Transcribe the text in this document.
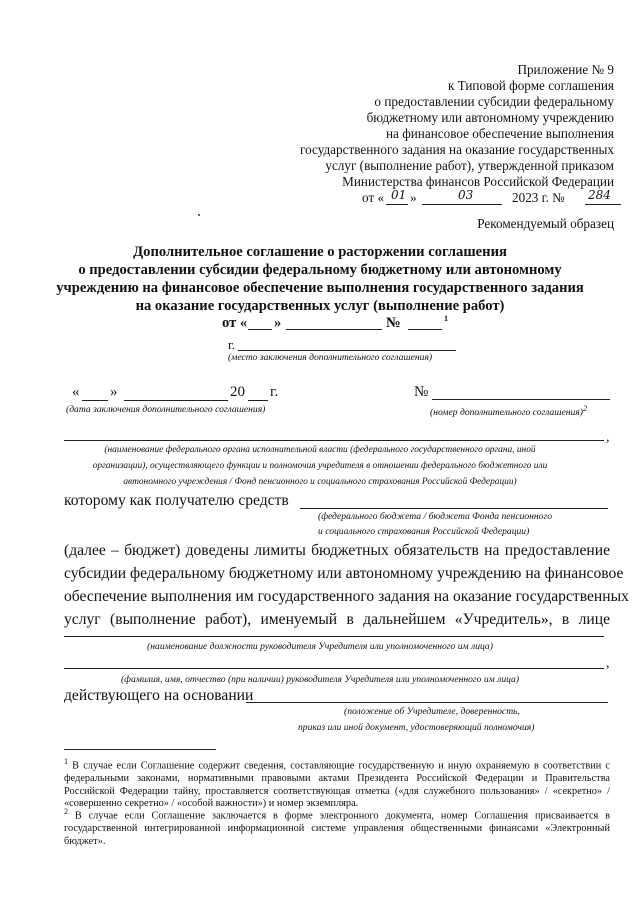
Приложение № 9
к Типовой форме соглашения
о предоставлении субсидии федеральному
бюджетному или автономному учреждению
на финансовое обеспечение выполнения
государственного задания на оказание государственных
услуг (выполнение работ), утвержденной приказом
Министерства финансов Российской Федерации
от « 01 »	03	2023 г. № 284
Рекомендуемый образец
Дополнительное соглашение о расторжении соглашения
о предоставлении субсидии федеральному бюджетному или автономному
учреждению на финансовое обеспечение выполнения государственного задания
на оказание государственных услуг (выполнение работ)
от « »	№	1
г.
(место заключения дополнительного соглашения)
« »	20 г.
(дата заключения дополнительного соглашения)
№
(номер дополнительного соглашения)$^2$
,
(наименование федерального органа исполнительной власти (федерального государственного органа, иной
организации), осуществляющего функции и полномочия учредителя в отношении федерального бюджетного или
автономного учреждения / Фонд пенсионного и социального страхования Российской Федерации)
которому как получателю средств
(федерального бюджета / бюджета Фонда пенсионного
и социального страхования Российской Федерации)
(далее – бюджет) доведены лимиты бюджетных обязательств на предоставление
субсидии федеральному бюджетному или автономному учреждению на финансовое
обеспечение выполнения им государственного задания на оказание государственных
услуг (выполнение работ), именуемый в дальнейшем «Учредитель», в лице
(наименование должности руководителя Учредителя или уполномоченного им лица)
,
(фамилия, имя, отчество (при наличии) руководителя Учредителя или уполномоченного им лица)
действующего на основании
(положение об Учредителе, доверенность,
приказ или иной документ, удостоверяющий полномочия)
$^1$ В случае если Соглашение содержит сведения, составляющие государственную и иную охраняемую в соответствии с федеральными законами, нормативными правовыми актами Президента Российской Федерации и Правительства Российской Федерации тайну, проставляется соответствующая отметка («для служебного пользования» / «секретно» / «совершенно секретно» / «особой важности») и номер экземпляра.
$^2$ В случае если Соглашение заключается в форме электронного документа, номер Соглашения присваивается в государственной интегрированной информационной системе управления общественными финансами «Электронный бюджет».
